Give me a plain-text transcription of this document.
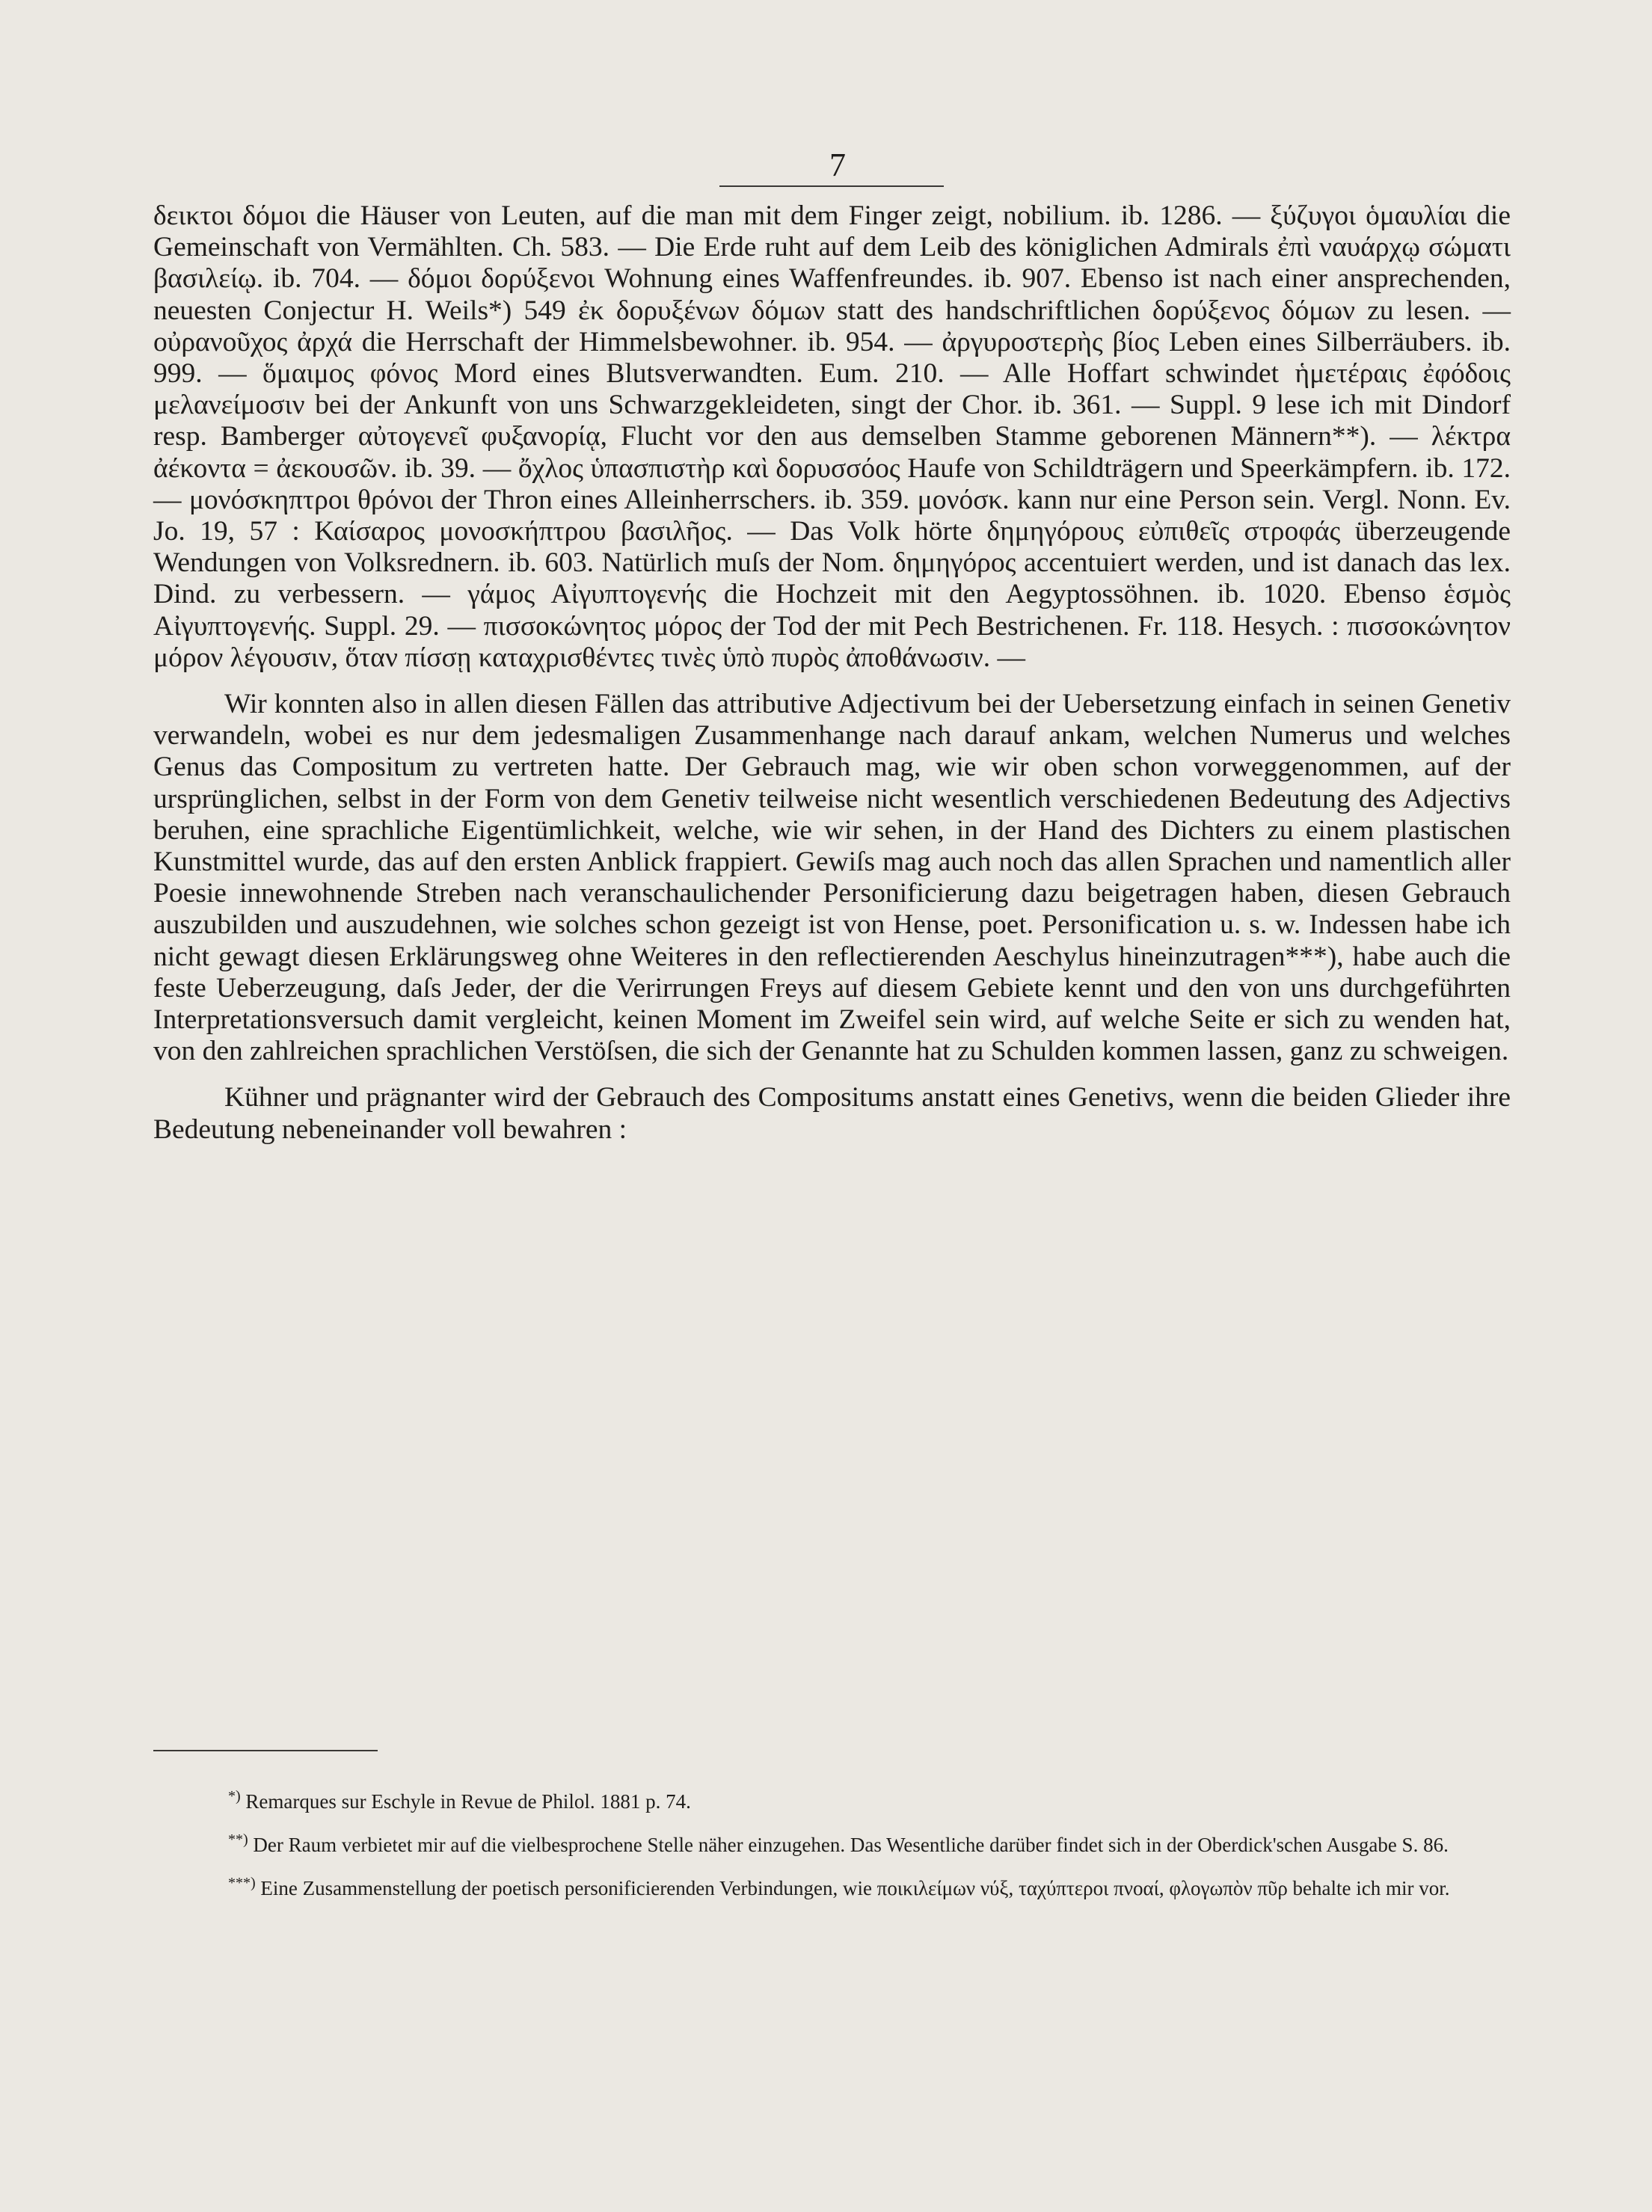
7

δεικτοι δόμοι die Häuser von Leuten, auf die man mit dem Finger zeigt, nobilium. ib. 1286. — ξύζυγοι ὁμαυλίαι die Gemeinschaft von Vermählten. Ch. 583. — Die Erde ruht auf dem Leib des königlichen Admirals ἐπὶ ναυάρχῳ σώματι βασιλείῳ. ib. 704. — δόμοι δορύξενοι Wohnung eines Waffenfreundes. ib. 907. Ebenso ist nach einer ansprechenden, neuesten Conjectur H. Weils*) 549 ἐκ δορυξένων δόμων statt des handschriftlichen δορύξενος δόμων zu lesen. — οὐρανοῦχος ἀρχά die Herrschaft der Himmelsbewohner. ib. 954. — ἀργυροστερὴς βίος Leben eines Silberräubers. ib. 999. — ὅμαιμος φόνος Mord eines Blutsverwandten. Eum. 210. — Alle Hoffart schwindet ἡμετέραις ἐφόδοις μελανείμοσιν bei der Ankunft von uns Schwarzgekleideten, singt der Chor. ib. 361. — Suppl. 9 lese ich mit Dindorf resp. Bamberger αὐτογενεῖ φυξανορίᾳ, Flucht vor den aus demselben Stamme geborenen Männern**). — λέκτρα ἀέκοντα = ἀεκουσῶν. ib. 39. — ὄχλος ὑπασπιστὴρ καὶ δορυσσόος Haufe von Schildträgern und Speerkämpfern. ib. 172. — μονόσκηπτροι θρόνοι der Thron eines Alleinherrschers. ib. 359. μονόσκ. kann nur eine Person sein. Vergl. Nonn. Ev. Jo. 19, 57 : Καίσαρος μονοσκήπτρου βασιλῆος. — Das Volk hörte δημηγόρους εὐπιθεῖς στροφάς überzeugende Wendungen von Volksrednern. ib. 603. Natürlich muſs der Nom. δημηγόρος accentuiert werden, und ist danach das lex. Dind. zu verbessern. — γάμος Αἰγυπτογενής die Hochzeit mit den Aegyptossöhnen. ib. 1020. Ebenso ἑσμὸς Αἰγυπτογενής. Suppl. 29. — πισσοκώνητος μόρος der Tod der mit Pech Bestrichenen. Fr. 118. Hesych. : πισσοκώνητον μόρον λέγουσιν, ὅταν πίσσῃ καταχρισθέντες τινὲς ὑπὸ πυρὸς ἀποθάνωσιν. —

Wir konnten also in allen diesen Fällen das attributive Adjectivum bei der Uebersetzung einfach in seinen Genetiv verwandeln, wobei es nur dem jedesmaligen Zusammenhange nach darauf ankam, welchen Numerus und welches Genus das Compositum zu vertreten hatte. Der Gebrauch mag, wie wir oben schon vorweggenommen, auf der ursprünglichen, selbst in der Form von dem Genetiv teilweise nicht wesentlich verschiedenen Bedeutung des Adjectivs beruhen, eine sprachliche Eigentümlichkeit, welche, wie wir sehen, in der Hand des Dichters zu einem plastischen Kunstmittel wurde, das auf den ersten Anblick frappiert. Gewiſs mag auch noch das allen Sprachen und namentlich aller Poesie innewohnende Streben nach veranschaulichender Personificierung dazu beigetragen haben, diesen Gebrauch auszubilden und auszudehnen, wie solches schon gezeigt ist von Hense, poet. Personification u. s. w. Indessen habe ich nicht gewagt diesen Erklärungsweg ohne Weiteres in den reflectierenden Aeschylus hineinzutragen***), habe auch die feste Ueberzeugung, daſs Jeder, der die Verirrungen Freys auf diesem Gebiete kennt und den von uns durchgeführten Interpretationsversuch damit vergleicht, keinen Moment im Zweifel sein wird, auf welche Seite er sich zu wenden hat, von den zahlreichen sprachlichen Verstöſsen, die sich der Genannte hat zu Schulden kommen lassen, ganz zu schweigen.

Kühner und prägnanter wird der Gebrauch des Compositums anstatt eines Genetivs, wenn die beiden Glieder ihre Bedeutung nebeneinander voll bewahren :

*) Remarques sur Eschyle in Revue de Philol. 1881 p. 74.

**) Der Raum verbietet mir auf die vielbesprochene Stelle näher einzugehen. Das Wesentliche darüber findet sich in der Oberdick'schen Ausgabe S. 86.

***) Eine Zusammenstellung der poetisch personificierenden Verbindungen, wie ποικιλείμων νύξ, ταχύπτεροι πνοαί, φλογωπὸν πῦρ behalte ich mir vor.
